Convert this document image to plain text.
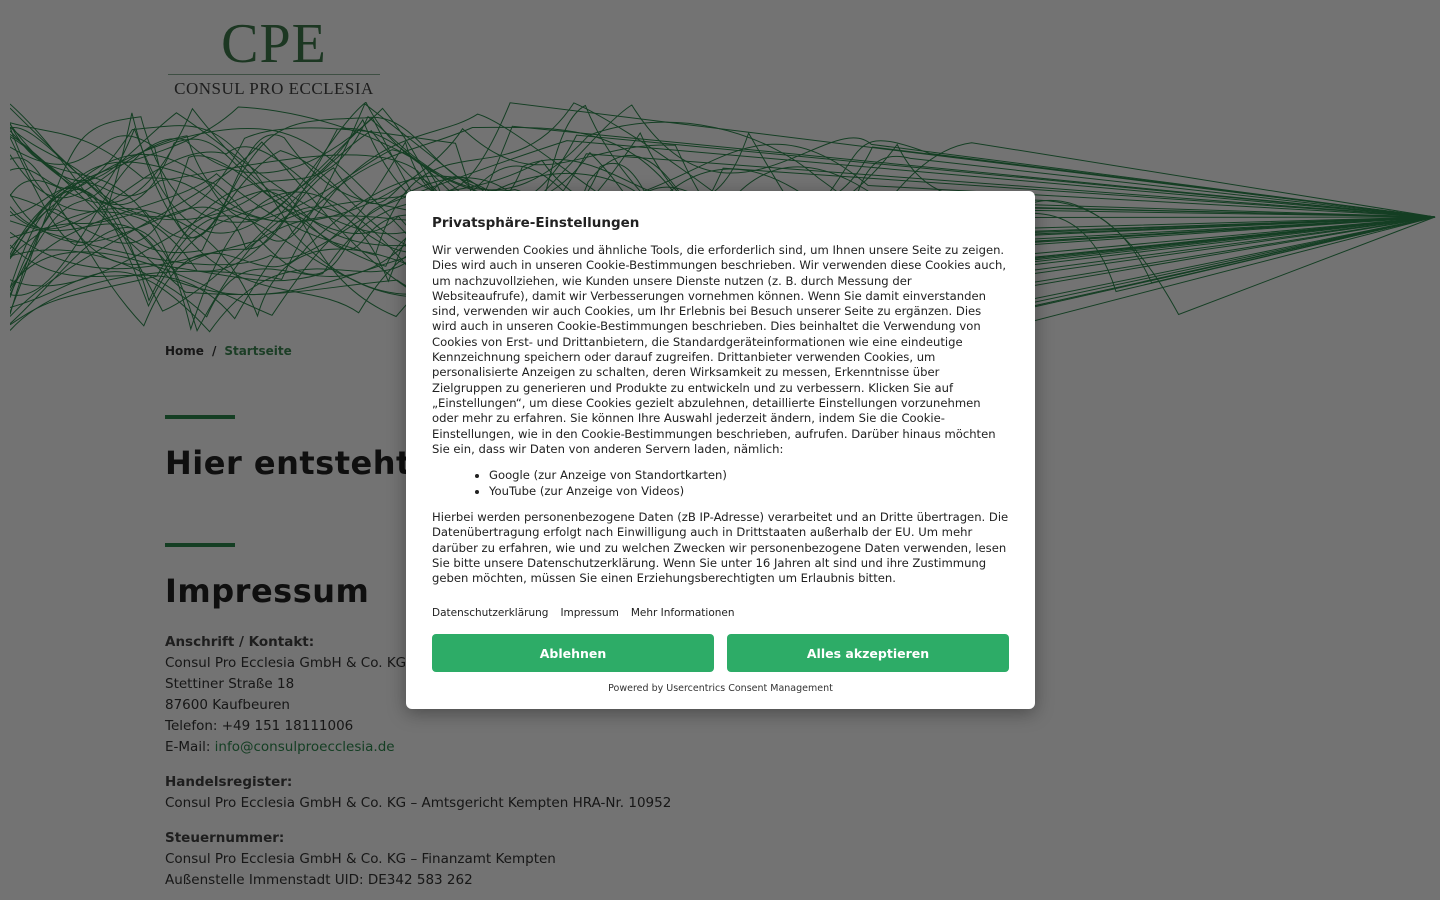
Privatsphäre-Einstellungen

Wir verwenden Cookies und ähnliche Tools, die erforderlich sind, um Ihnen unsere Seite zu zeigen. Dies wird auch in unseren Cookie-Bestimmungen beschrieben. Wir verwenden diese Cookies auch, um nachzuvollziehen, wie Kunden unsere Dienste nutzen (z. B. durch Messung der Websiteaufrufe), damit wir Verbesserungen vornehmen können. Wenn Sie damit einverstanden sind, verwenden wir auch Cookies, um Ihr Erlebnis bei Besuch unserer Seite zu ergänzen. Dies wird auch in unseren Cookie-Bestimmungen beschrieben. Dies beinhaltet die Verwendung von Cookies von Erst- und Drittanbietern, die Standardgeräteinformationen wie eine eindeutige Kennzeichnung speichern oder darauf zugreifen. Drittanbieter verwenden Cookies, um personalisierte Anzeigen zu schalten, deren Wirksamkeit zu messen, Erkenntnisse über Zielgruppen zu generieren und Produkte zu entwickeln und zu verbessern. Klicken Sie auf „Einstellungen“, um diese Cookies gezielt abzulehnen, detaillierte Einstellungen vorzunehmen oder mehr zu erfahren. Sie können Ihre Auswahl jederzeit ändern, indem Sie die Cookie-Einstellungen, wie in den Cookie-Bestimmungen beschrieben, aufrufen. Darüber hinaus möchten Sie ein, dass wir Daten von anderen Servern laden, nämlich:

• Google (zur Anzeige von Standortkarten)
• YouTube (zur Anzeige von Videos)

Hierbei werden personenbezogene Daten (zB IP-Adresse) verarbeitet und an Dritte übertragen. Die Datenübertragung erfolgt nach Einwilligung auch in Drittstaaten außerhalb der EU. Um mehr darüber zu erfahren, wie und zu welchen Zwecken wir personenbezogene Daten verwenden, lesen Sie bitte unsere Datenschutzerklärung. Wenn Sie unter 16 Jahren alt sind und ihre Zustimmung geben möchten, müssen Sie einen Erziehungsberechtigten um Erlaubnis bitten.

Datenschutzerklärung Impressum Mehr Informationen
Ablehnen	Alles akzeptieren
Powered by Usercentrics Consent Management
